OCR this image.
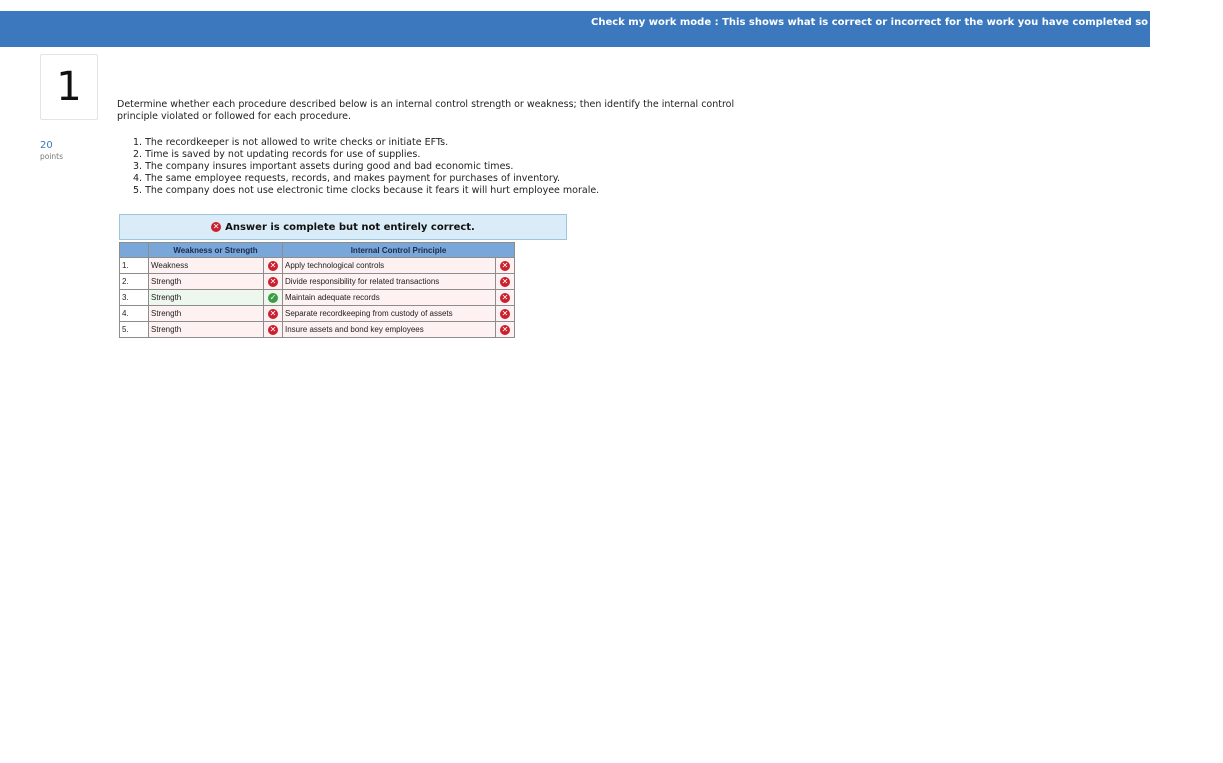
Check my work mode : This shows what is correct or incorrect for the work you have completed so far. It does n
1
20
points
Determine whether each procedure described below is an internal control strength or weakness; then identify the internal control principle violated or followed for each procedure.
1. The recordkeeper is not allowed to write checks or initiate EFTs.
2. Time is saved by not updating records for use of supplies.
3. The company insures important assets during good and bad economic times.
4. The same employee requests, records, and makes payment for purchases of inventory.
5. The company does not use electronic time clocks because it fears it will hurt employee morale.
✕ Answer is complete but not entirely correct.
	Weakness or Strength		Internal Control Principle	
1.	Weakness	✕	Apply technological controls	✕
2.	Strength	✕	Divide responsibility for related transactions	✕
3.	Strength	✓	Maintain adequate records	✕
4.	Strength	✕	Separate recordkeeping from custody of assets	✕
5.	Strength	✕	Insure assets and bond key employees	✕
